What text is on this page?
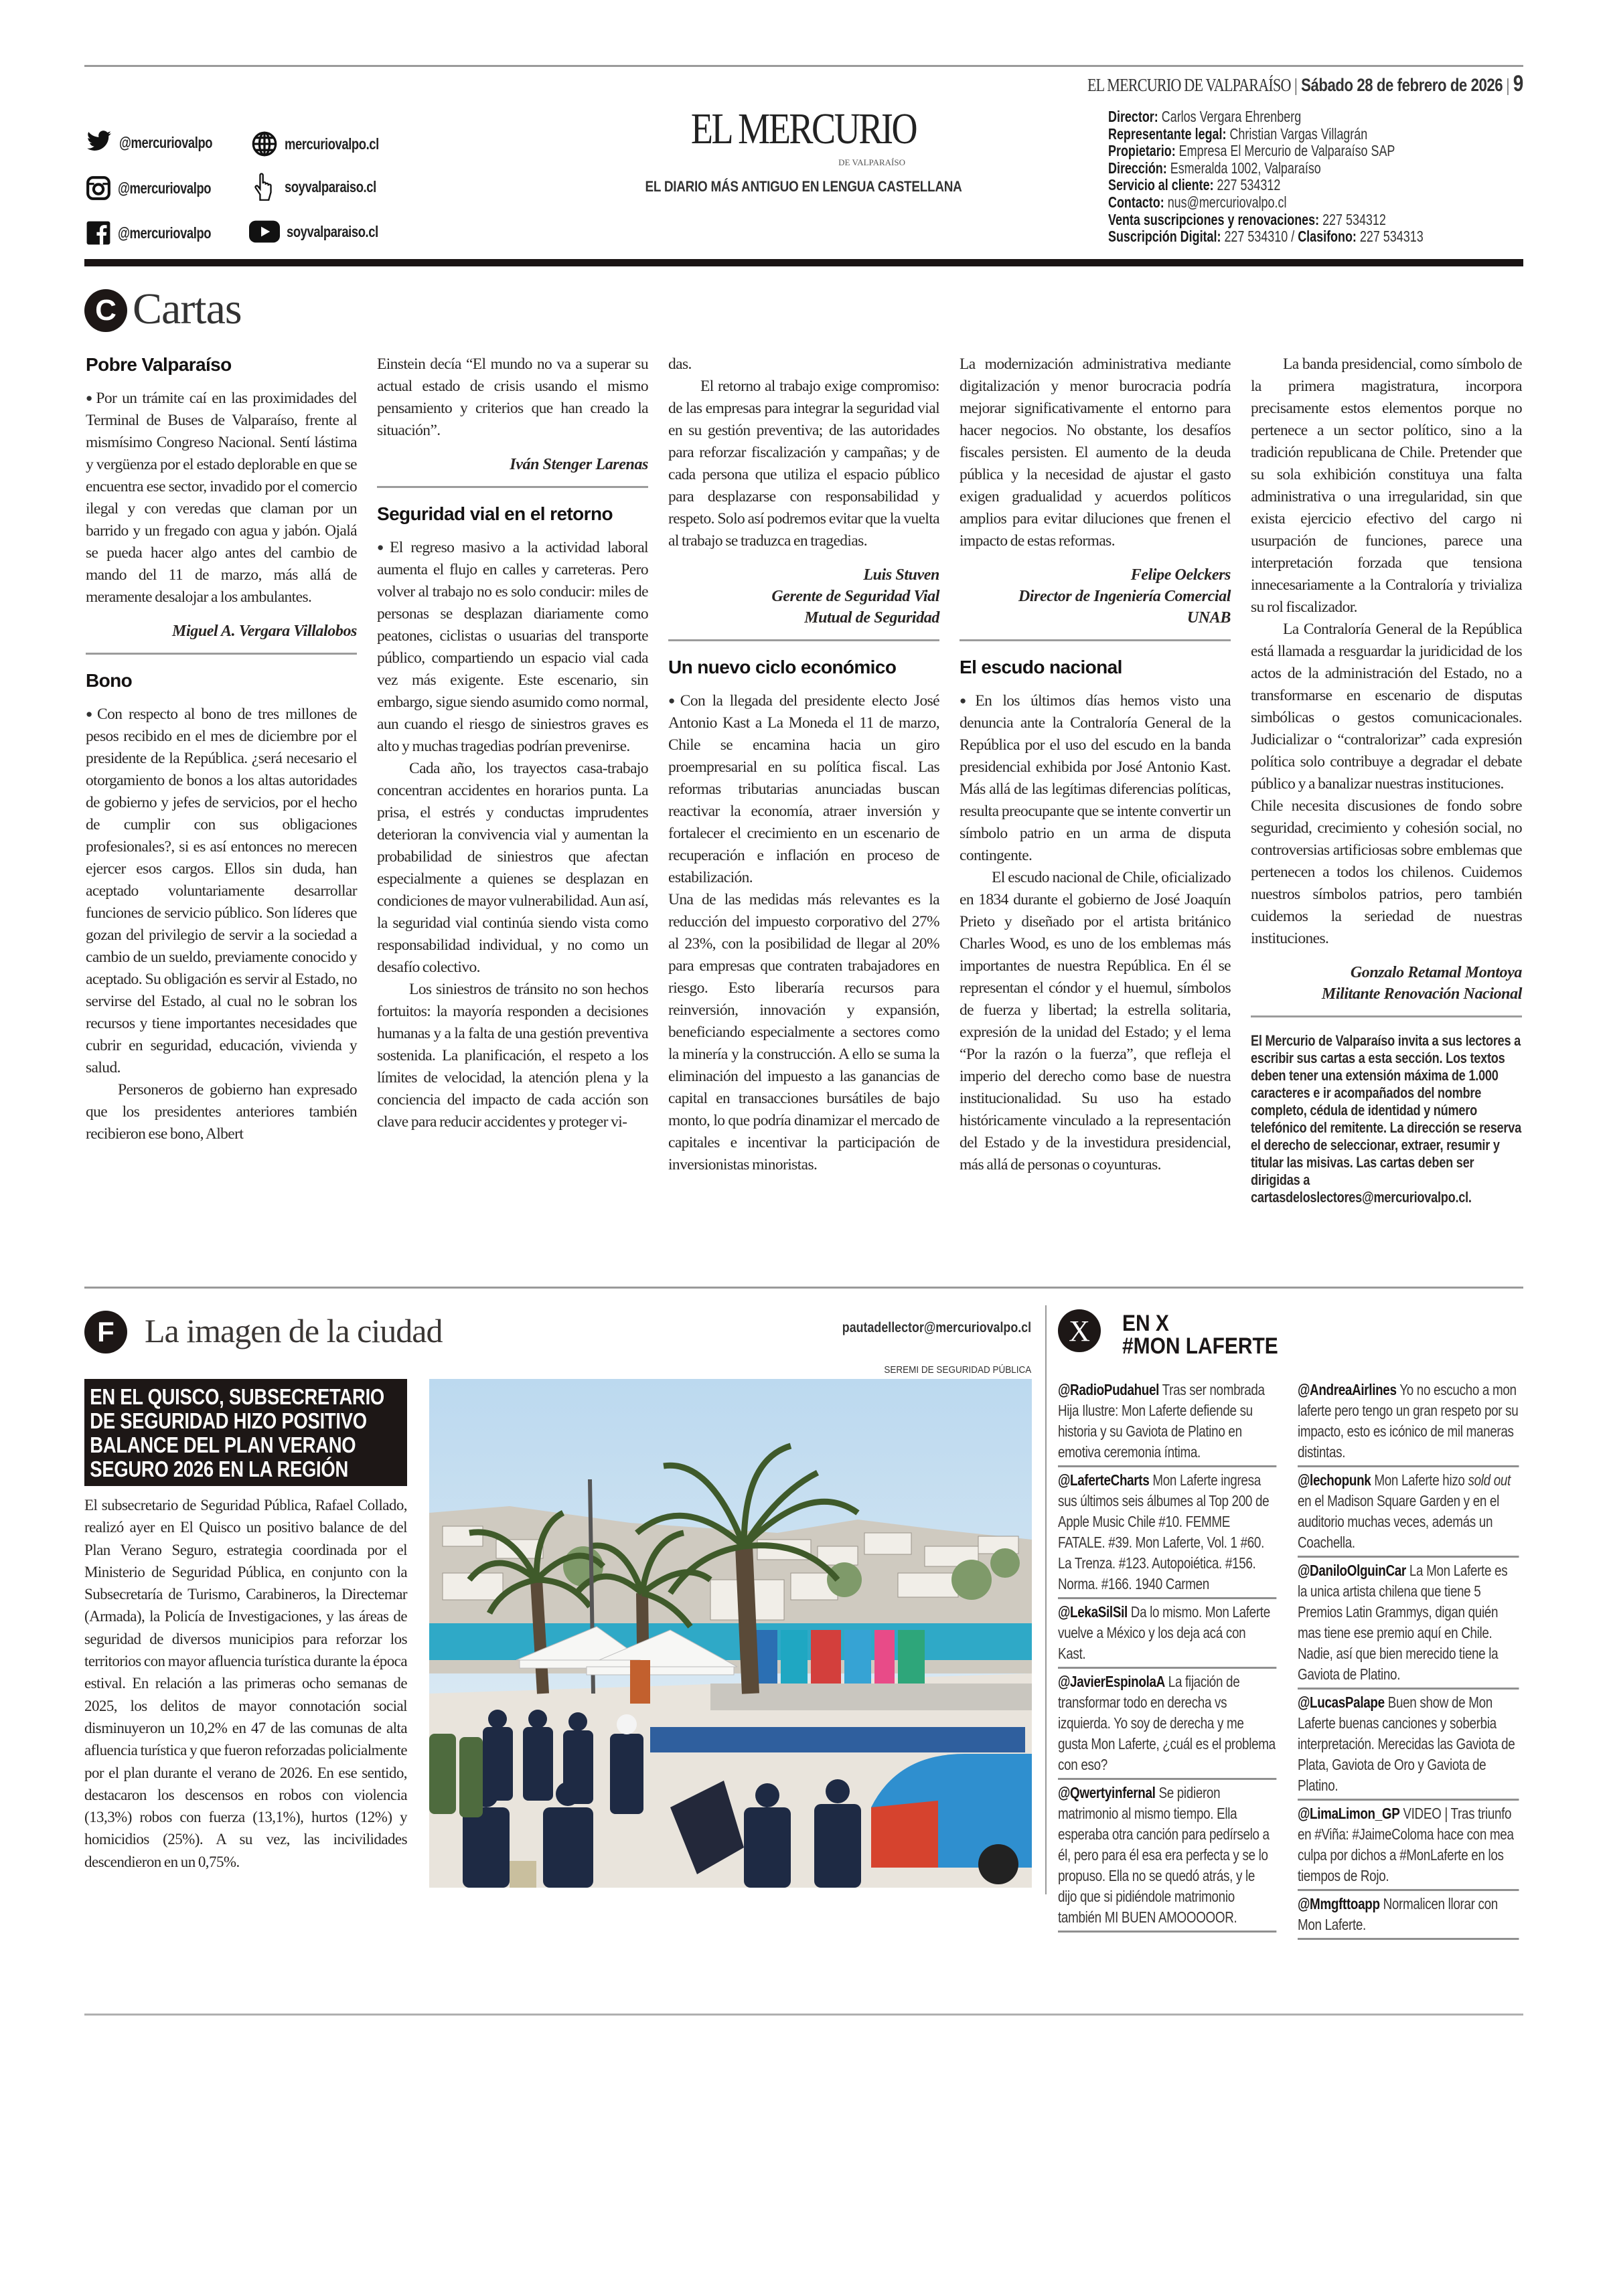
EL MERCURIO DE VALPARAÍSO | Sábado 28 de febrero de 2026 | 9
@mercuriovalpo	mercuriovalpo.cl
@mercuriovalpo	soyvalparaiso.cl
@mercuriovalpo	soyvalparaiso.cl
EL MERCURIO
DE VALPARAÍSO
EL DIARIO MÁS ANTIGUO EN LENGUA CASTELLANA
Director: Carlos Vergara Ehrenberg
Representante legal: Christian Vargas Villagrán
Propietario: Empresa El Mercurio de Valparaíso SAP
Dirección: Esmeralda 1002, Valparaíso
Servicio al cliente: 227 534312
Contacto: nus@mercuriovalpo.cl
Venta suscripciones y renovaciones: 227 534312
Suscripción Digital: 227 534310 / Clasifono: 227 534313
C Cartas
Pobre Valparaíso

●Por un trámite caí en las proximidades del Terminal de Buses de Valparaíso, frente al mismísimo Congreso Nacional. Sentí lástima y vergüenza por el estado deplorable en que se encuentra ese sector, invadido por el comercio ilegal y con veredas que claman por un barrido y un fregado con agua y jabón. Ojalá se pueda hacer algo antes del cambio de mando del 11 de marzo, más allá de meramente desalojar a los ambulantes.

Miguel A. Vergara Villalobos
Bono

●Con respecto al bono de tres millones de pesos recibido en el mes de diciembre por el presidente de la República. ¿será necesario el otorgamiento de bonos a los altas autoridades de gobierno y jefes de servicios, por el hecho de cumplir con sus obligaciones profesionales?, si es así entonces no merecen ejercer esos cargos. Ellos sin duda, han aceptado voluntariamente desarrollar funciones de servicio público. Son líderes que gozan del privilegio de servir a la sociedad a cambio de un sueldo, previamente conocido y aceptado. Su obligación es servir al Estado, no servirse del Estado, al cual no le sobran los recursos y tiene importantes necesidades que cubrir en seguridad, educación, vivienda y salud.

Personeros de gobierno han expresado que los presidentes anteriores también recibieron ese bono, Albert

Einstein decía “El mundo no va a superar su actual estado de crisis usando el mismo pensamiento y criterios que han creado la situación”.

Iván Stenger Larenas
Seguridad vial en el retorno

●El regreso masivo a la actividad laboral aumenta el flujo en calles y carreteras. Pero volver al trabajo no es solo conducir: miles de personas se desplazan diariamente como peatones, ciclistas o usuarias del transporte público, compartiendo un espacio vial cada vez más exigente. Este escenario, sin embargo, sigue siendo asumido como normal, aun cuando el riesgo de siniestros graves es alto y muchas tragedias podrían prevenirse.

Cada año, los trayectos casa-trabajo concentran accidentes en horarios punta. La prisa, el estrés y conductas imprudentes deterioran la convivencia vial y aumentan la probabilidad de siniestros que afectan especialmente a quienes se desplazan en condiciones de mayor vulnerabilidad. Aun así, la seguridad vial continúa siendo vista como responsabilidad individual, y no como un desafío colectivo.

Los siniestros de tránsito no son hechos fortuitos: la mayoría responden a decisiones humanas y a la falta de una gestión preventiva sostenida. La planificación, el respeto a los límites de velocidad, la atención plena y la conciencia del impacto de cada acción son clave para reducir accidentes y proteger vi-

das.

El retorno al trabajo exige compromiso: de las empresas para integrar la seguridad vial en su gestión preventiva; de las autoridades para reforzar fiscalización y campañas; y de cada persona que utiliza el espacio público para desplazarse con responsabilidad y respeto. Solo así podremos evitar que la vuelta al trabajo se traduzca en tragedias.

Luis Stuven
Gerente de Seguridad Vial
Mutual de Seguridad
Un nuevo ciclo económico

●Con la llegada del presidente electo José Antonio Kast a La Moneda el 11 de marzo, Chile se encamina hacia un giro proempresarial en su política fiscal. Las reformas tributarias anunciadas buscan reactivar la economía, atraer inversión y fortalecer el crecimiento en un escenario de recuperación e inflación en proceso de estabilización.

Una de las medidas más relevantes es la reducción del impuesto corporativo del 27% al 23%, con la posibilidad de llegar al 20% para empresas que contraten trabajadores en riesgo. Esto liberaría recursos para reinversión, innovación y expansión, beneficiando especialmente a sectores como la minería y la construcción. A ello se suma la eliminación del impuesto a las ganancias de capital en transacciones bursátiles de bajo monto, lo que podría dinamizar el mercado de capitales e incentivar la participación de inversionistas minoristas.

La modernización administrativa mediante digitalización y menor burocracia podría mejorar significativamente el entorno para hacer negocios. No obstante, los desafíos fiscales persisten. El aumento de la deuda pública y la necesidad de ajustar el gasto exigen gradualidad y acuerdos políticos amplios para evitar diluciones que frenen el impacto de estas reformas.

Felipe Oelckers
Director de Ingeniería Comercial
UNAB
El escudo nacional

●En los últimos días hemos visto una denuncia ante la Contraloría General de la República por el uso del escudo en la banda presidencial exhibida por José Antonio Kast. Más allá de las legítimas diferencias políticas, resulta preocupante que se intente convertir un símbolo patrio en un arma de disputa contingente.

El escudo nacional de Chile, oficializado en 1834 durante el gobierno de José Joaquín Prieto y diseñado por el artista británico Charles Wood, es uno de los emblemas más importantes de nuestra República. En él se representan el cóndor y el huemul, símbolos de fuerza y libertad; la estrella solitaria, expresión de la unidad del Estado; y el lema “Por la razón o la fuerza”, que refleja el imperio del derecho como base de nuestra institucionalidad. Su uso ha estado históricamente vinculado a la representación del Estado y de la investidura presidencial, más allá de personas o coyunturas.

La banda presidencial, como símbolo de la primera magistratura, incorpora precisamente estos elementos porque no pertenece a un sector político, sino a la tradición republicana de Chile. Pretender que su sola exhibición constituya una falta administrativa o una irregularidad, sin que exista ejercicio efectivo del cargo ni usurpación de funciones, parece una interpretación forzada que tensiona innecesariamente a la Contraloría y trivializa su rol fiscalizador.

La Contraloría General de la República está llamada a resguardar la juridicidad de los actos de la administración del Estado, no a transformarse en escenario de disputas simbólicas o gestos comunicacionales. Judicializar o “contralorizar” cada expresión política solo contribuye a degradar el debate público y a banalizar nuestras instituciones.

Chile necesita discusiones de fondo sobre seguridad, crecimiento y cohesión social, no controversias artificiosas sobre emblemas que pertenecen a todos los chilenos. Cuidemos nuestros símbolos patrios, pero también cuidemos la seriedad de nuestras instituciones.

Gonzalo Retamal Montoya
Militante Renovación Nacional
El Mercurio de Valparaíso invita a sus lectores a escribir sus cartas a esta sección. Los textos deben tener una extensión máxima de 1.000 caracteres e ir acompañados del nombre completo, cédula de identidad y número telefónico del remitente. La dirección se reserva el derecho de seleccionar, extraer, resumir y titular las misivas. Las cartas deben ser dirigidas a cartasdeloslectores@mercuriovalpo.cl.
F La imagen de la ciudad	pautadellector@mercuriovalpo.cl
SEREMI DE SEGURIDAD PÚBLICA
EN EL QUISCO, SUBSECRETARIO DE SEGURIDAD HIZO POSITIVO BALANCE DEL PLAN VERANO SEGURO 2026 EN LA REGIÓN
El subsecretario de Seguridad Pública, Rafael Collado, realizó ayer en El Quisco un positivo balance de del Plan Verano Seguro, estrategia coordinada por el Ministerio de Seguridad Pública, en conjunto con la Subsecretaría de Turismo, Carabineros, la Directemar (Armada), la Policía de Investigaciones, y las áreas de seguridad de diversos municipios para reforzar los territorios con mayor afluencia turística durante la época estival. En relación a las primeras ocho semanas de 2025, los delitos de mayor connotación social disminuyeron un 10,2% en 47 de las comunas de alta afluencia turística y que fueron reforzadas policialmente por el plan durante el verano de 2026. En ese sentido, destacaron los descensos en robos con violencia (13,3%) robos con fuerza (13,1%), hurtos (12%) y homicidios (25%). A su vez, las incivilidades descendieron en un 0,75%.
X EN X
#MON LAFERTE
@RadioPudahuel Tras ser nombrada Hija Ilustre: Mon Laferte defiende su historia y su Gaviota de Platino en emotiva ceremonia íntima.
@LaferteCharts Mon Laferte ingresa sus últimos seis álbumes al Top 200 de Apple Music Chile #10. FEMME FATALE. #39. Mon Laferte, Vol. 1 #60. La Trenza. #123. Autopoiética. #156. Norma. #166. 1940 Carmen
@LekaSilSil Da lo mismo. Mon Laferte vuelve a México y los deja acá con Kast.
@JavierEspinolaA La fijación de transformar todo en derecha vs izquierda. Yo soy de derecha y me gusta Mon Laferte, ¿cuál es el problema con eso?
@Qwertyinfernal Se pidieron matrimonio al mismo tiempo. Ella esperaba otra canción para pedírselo a él, pero para él esa era perfecta y se lo propuso. Ella no se quedó atrás, y le dijo que si pidiéndole matrimonio también MI BUEN AMOOOOOR.
@AndreaAirlines Yo no escucho a mon laferte pero tengo un gran respeto por su impacto, esto es icónico de mil maneras distintas.
@lechopunk Mon Laferte hizo sold out en el Madison Square Garden y en el auditorio muchas veces, además un Coachella.
@DaniloOlguinCar La Mon Laferte es la unica artista chilena que tiene 5 Premios Latin Grammys, digan quién mas tiene ese premio aquí en Chile. Nadie, así que bien merecido tiene la Gaviota de Platino.
@LucasPalape Buen show de Mon Laferte buenas canciones y soberbia interpretación. Merecidas las Gaviota de Plata, Gaviota de Oro y Gaviota de Platino.
@LimaLimon_GP VIDEO | Tras triunfo en #Viña: #JaimeColoma hace con mea culpa por dichos a #MonLaferte en los tiempos de Rojo.
@Mmgfttoapp Normalicen llorar con Mon Laferte.
